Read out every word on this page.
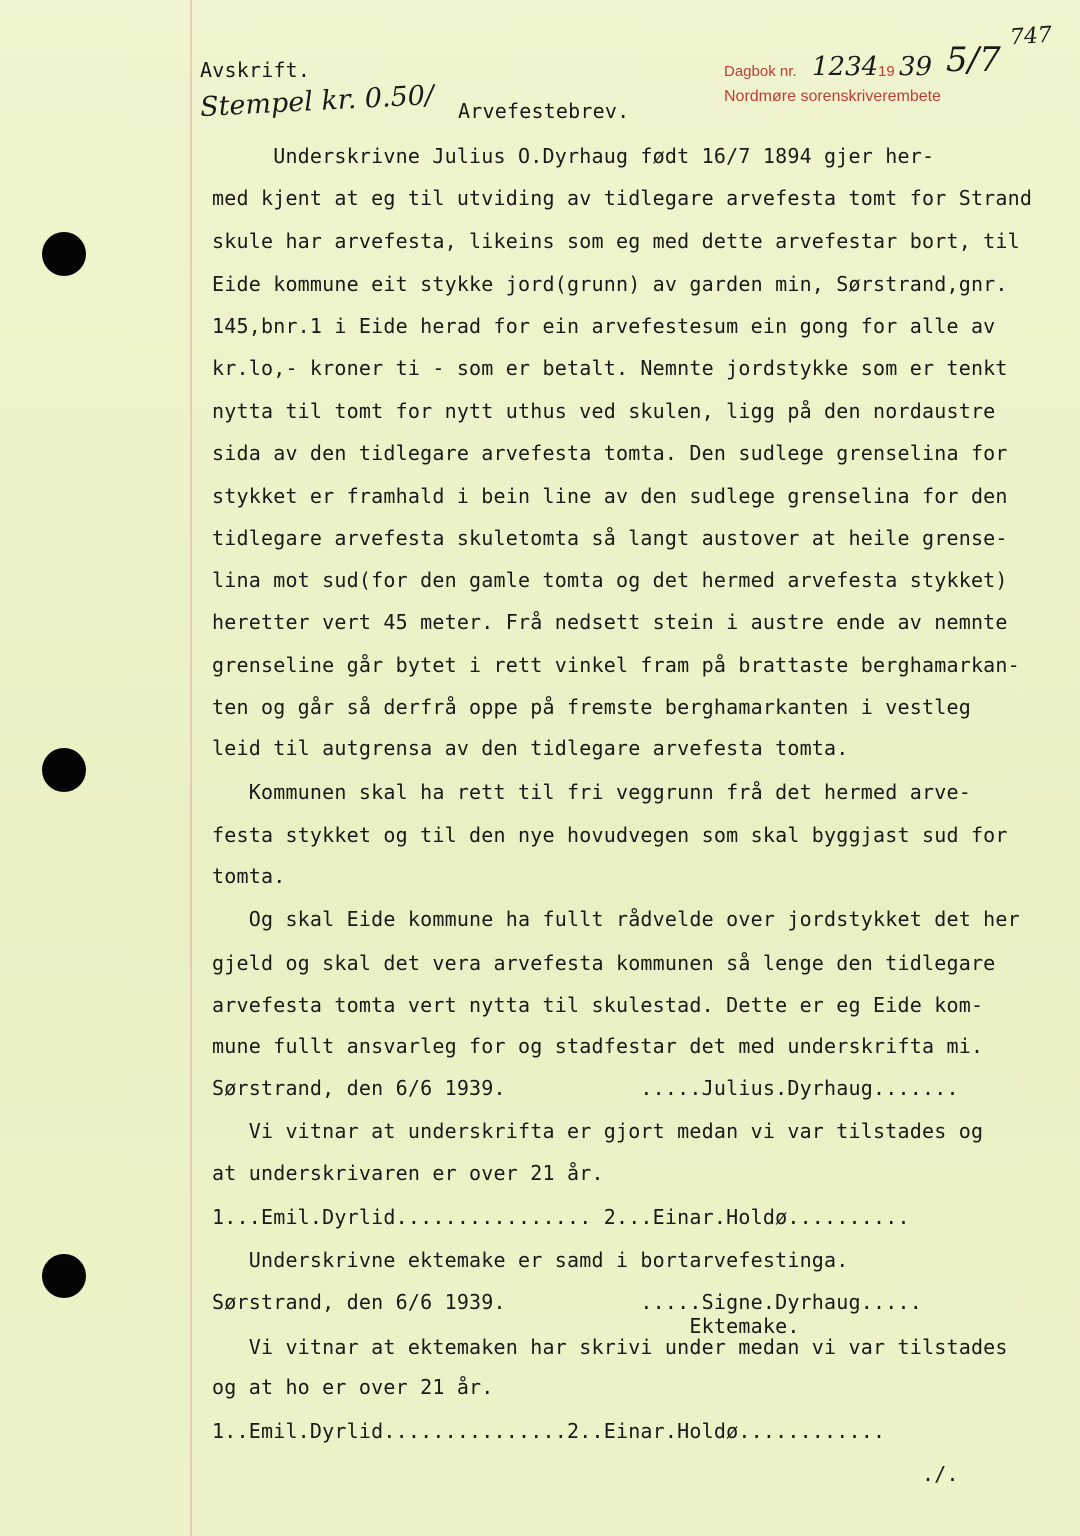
Avskrift.
Stempel kr. 0.50/ Arvefestebrev.
Dagbok nr. 1234 19 39 5/7
Nordmøre sorenskriverembete
747
Underskrivne Julius O.Dyrhaug født 16/7 1894 gjer her-
med kjent at eg til utviding av tidlegare arvefesta tomt for Strand
skule har arvefesta, likeins som eg med dette arvefestar bort, til
Eide kommune eit stykke jord(grunn) av garden min, Sørstrand,gnr.
145,bnr.1 i Eide herad for ein arvefestesum ein gong for alle av
kr.lo,- kroner ti - som er betalt. Nemnte jordstykke som er tenkt
nytta til tomt for nytt uthus ved skulen, ligg på den nordaustre
sida av den tidlegare arvefesta tomta. Den sudlege grenselina for
stykket er framhald i bein line av den sudlege grenselina for den
tidlegare arvefesta skuletomta så langt austover at heile grense-
lina mot sud(for den gamle tomta og det hermed arvefesta stykket)
heretter vert 45 meter. Frå nedsett stein i austre ende av nemnte
grenseline går bytet i rett vinkel fram på brattaste berghamarkan-
ten og går så derfrå oppe på fremste berghamarkanten i vestleg
leid til autgrensa av den tidlegare arvefesta tomta.
Kommunen skal ha rett til fri veggrunn frå det hermed arve-
festa stykket og til den nye hovudvegen som skal byggjast sud for
tomta.
Og skal Eide kommune ha fullt rådvelde over jordstykket det her
gjeld og skal det vera arvefesta kommunen så lenge den tidlegare
arvefesta tomta vert nytta til skulestad. Dette er eg Eide kom-
mune fullt ansvarleg for og stadfestar det med underskrifta mi.
Sørstrand, den 6/6 1939.           .....Julius.Dyrhaug.......
Vi vitnar at underskrifta er gjort medan vi var tilstades og
at underskrivaren er over 21 år.
1...Emil.Dyrlid................ 2...Einar.Holdø..........
Underskrivne ektemake er samd i bortarvefestinga.
Sørstrand, den 6/6 1939.           .....Signe.Dyrhaug.....
Ektemake.
Vi vitnar at ektemaken har skrivi under medan vi var tilstades
og at ho er over 21 år.
1..Emil.Dyrlid...............2..Einar.Holdø............
./.
